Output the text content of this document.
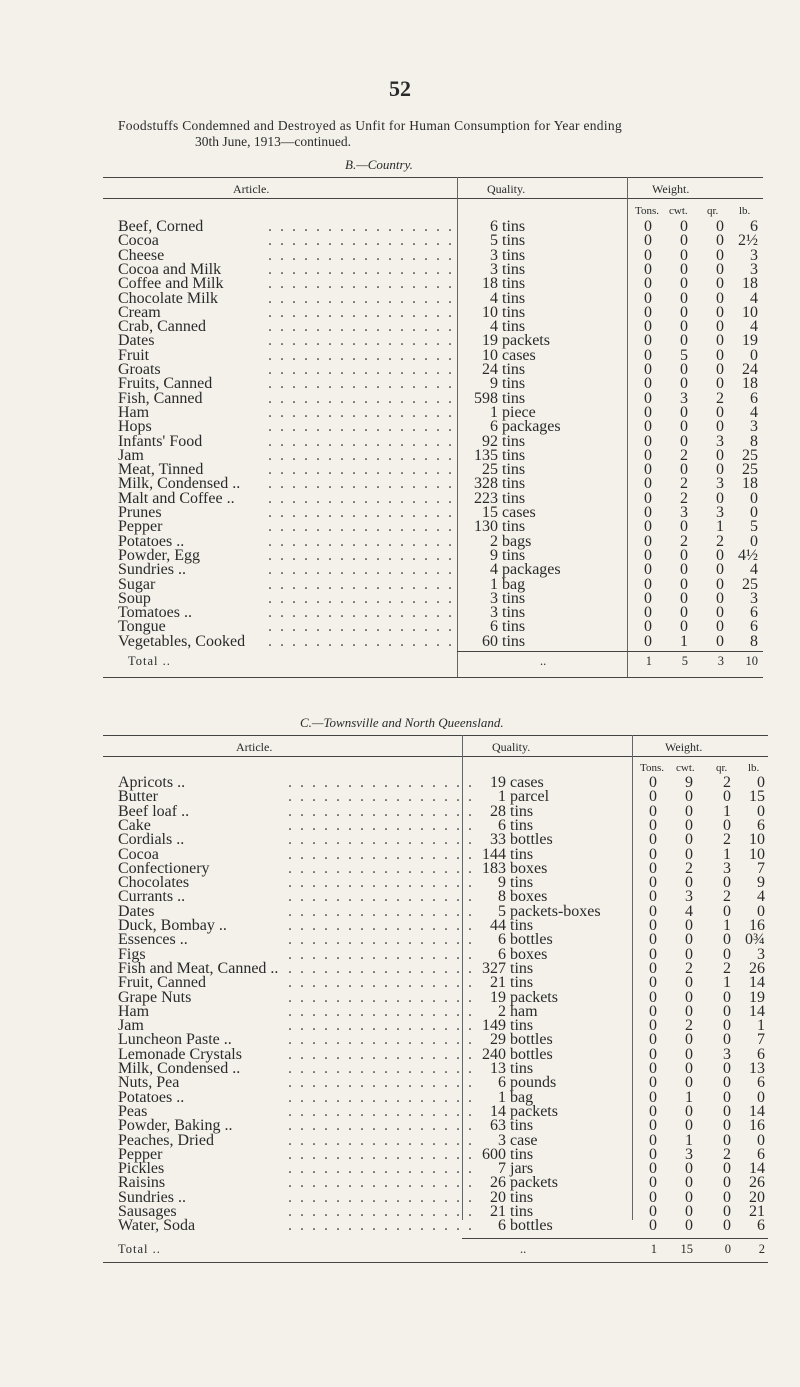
52
Foodstuffs Condemned and Destroyed as Unfit for Human Consumption for Year ending
30th June, 1913—continued.
B.—Country.
Article.	Quality.	Weight.
Tons. cwt. qr. lb.
Beef, Corned	. . . . . . . . . . . . . . . .	6 tins	0	0	0	6
Cocoa	. . . . . . . . . . . . . . . .	5 tins	0	0	0 2½
Cheese	. . . . . . . . . . . . . . . .	3 tins	0	0	0	3
Cocoa and Milk	. . . . . . . . . . . . . . . .	3 tins	0	0	0	3
Coffee and Milk	. . . . . . . . . . . . . . . .	18 tins	0	0	0	18
Chocolate Milk	. . . . . . . . . . . . . . . .	4 tins	0	0	0	4
Cream	. . . . . . . . . . . . . . . .	10 tins	0	0	0	10
Crab, Canned	. . . . . . . . . . . . . . . .	4 tins	0	0	0	4
Dates	. . . . . . . . . . . . . . . .	19 packets	0	0	0	19
Fruit	. . . . . . . . . . . . . . . .	10 cases	0	5	0	0
Groats	. . . . . . . . . . . . . . . .	24 tins	0	0	0	24
Fruits, Canned	. . . . . . . . . . . . . . . .	9 tins	0	0	0	18
Fish, Canned	. . . . . . . . . . . . . . . . 598 tins	0	3	2	6
Ham	. . . . . . . . . . . . . . . .	1 piece	0	0	0	4
Hops	. . . . . . . . . . . . . . . .	6 packages	0	0	0	3
Infants' Food	. . . . . . . . . . . . . . . .	92 tins	0	0	3	8
Jam	. . . . . . . . . . . . . . . . 135 tins	0	2	0	25
Meat, Tinned	. . . . . . . . . . . . . . . .	25 tins	0	0	0	25
Milk, Condensed .. . . . . . . . . . . . . . . . . 328 tins	0	2	3	18
Malt and Coffee .. . . . . . . . . . . . . . . . . 223 tins	0	2	0	0
Prunes	. . . . . . . . . . . . . . . .	15 cases	0	3	3	0
Pepper	. . . . . . . . . . . . . . . . 130 tins	0	0	1	5
Potatoes ..	. . . . . . . . . . . . . . . .	2 bags	0	2	2	0
Powder, Egg	. . . . . . . . . . . . . . . .	9 tins	0	0	0 4½
Sundries ..	. . . . . . . . . . . . . . . .	4 packages	0	0	0	4
Sugar	. . . . . . . . . . . . . . . .	1 bag	0	0	0	25
Soup	. . . . . . . . . . . . . . . .	3 tins	0	0	0	3
Tomatoes ..	. . . . . . . . . . . . . . . .	3 tins	0	0	0	6
Tongue	. . . . . . . . . . . . . . . .	6 tins	0	0	0	6
Vegetables, Cooked . . . . . . . . . . . . . . . .	60 tins	0	1	0	8
Total ..	..	1	5	3	10
C.—Townsville and North Queensland.
Article.	Quality.	Weight.
Tons. cwt. qr. lb.
Apricots ..	. . . . . . . . . . . . . . . .	19 cases	0	9	2	0
Butter	. . . . . . . . . . . . . . . .	1 parcel	0	0	0	15
Beef loaf ..	. . . . . . . . . . . . . . . .	28 tins	0	0	1	0
Cake	. . . . . . . . . . . . . . . .	6 tins	0	0	0	6
Cordials ..	. . . . . . . . . . . . . . . .	33 bottles	0	0	2	10
Cocoa	. . . . . . . . . . . . . . . . 144 tins	0	0	1	10
Confectionery	. . . . . . . . . . . . . . . . 183 boxes	0	2	3	7
Chocolates	. . . . . . . . . . . . . . . .	9 tins	0	0	0	9
Currants ..	. . . . . . . . . . . . . . . .	8 boxes	0	3	2	4
Dates	. . . . . . . . . . . . . . . .	5 packets-boxes	0	4	0	0
Duck, Bombay ..	. . . . . . . . . . . . . . . .	44 tins	0	0	1	16
Essences ..	. . . . . . . . . . . . . . . .	6 bottles	0	0	0 0¾
Figs	. . . . . . . . . . . . . . . .	6 boxes	0	0	0	3
Fish and Meat, Canned .. . . . . . . . . . . . . . . . . 327 tins	0	2	2	26
Fruit, Canned	. . . . . . . . . . . . . . . .	21 tins	0	0	1	14
Grape Nuts	. . . . . . . . . . . . . . . .	19 packets	0	0	0	19
Ham	. . . . . . . . . . . . . . . .	2 ham	0	0	0	14
Jam	. . . . . . . . . . . . . . . . 149 tins	0	2	0	1
Luncheon Paste ..	. . . . . . . . . . . . . . . .	29 bottles	0	0	0	7
Lemonade Crystals	. . . . . . . . . . . . . . . . 240 bottles	0	0	3	6
Milk, Condensed ..	. . . . . . . . . . . . . . . .	13 tins	0	0	0	13
Nuts, Pea	. . . . . . . . . . . . . . . .	6 pounds	0	0	0	6
Potatoes ..	. . . . . . . . . . . . . . . .	1 bag	0	1	0	0
Peas	. . . . . . . . . . . . . . . .	14 packets	0	0	0	14
Powder, Baking ..	. . . . . . . . . . . . . . . .	63 tins	0	0	0	16
Peaches, Dried	. . . . . . . . . . . . . . . .	3 case	0	1	0	0
Pepper	. . . . . . . . . . . . . . . . 600 tins	0	3	2	6
Pickles	. . . . . . . . . . . . . . . .	7 jars	0	0	0	14
Raisins	. . . . . . . . . . . . . . . .	26 packets	0	0	0	26
Sundries ..	. . . . . . . . . . . . . . . .	20 tins	0	0	0	20
Sausages	. . . . . . . . . . . . . . . .	21 tins	0	0	0	21
Water, Soda	. . . . . . . . . . . . . . . .	6 bottles	0	0	0	6
Total ..	..	1	15	0	2
